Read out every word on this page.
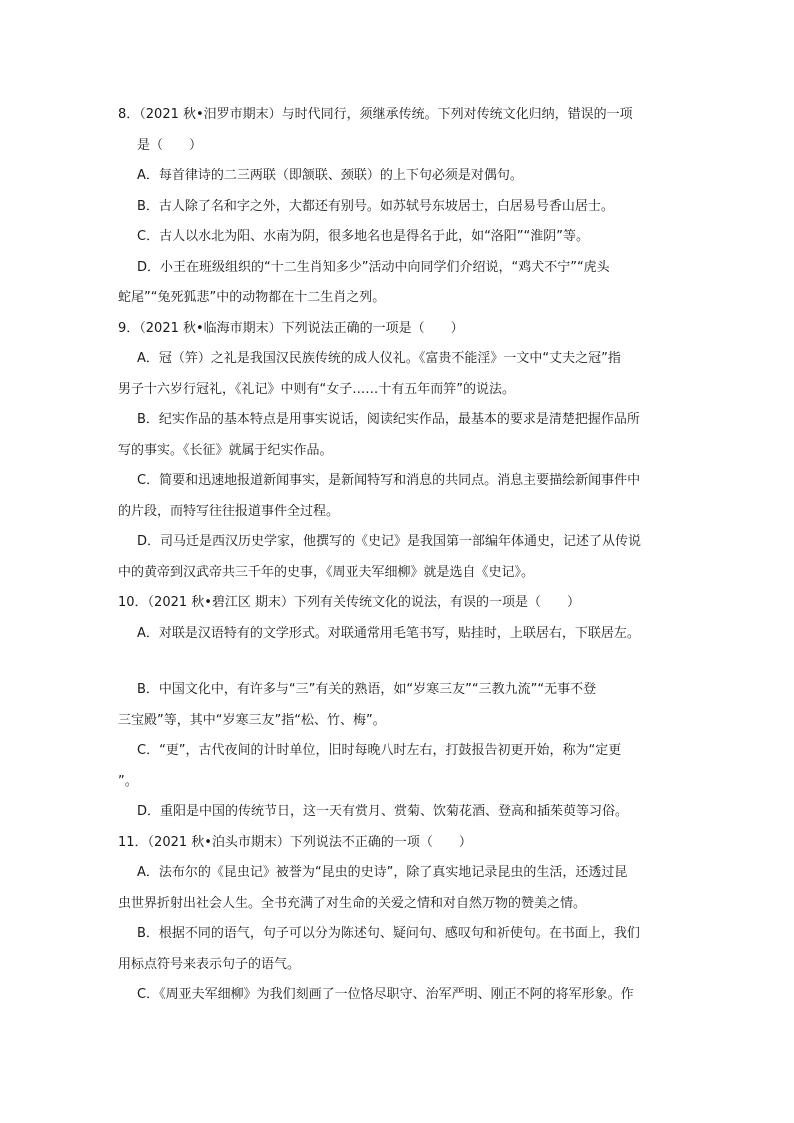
8．（2021 秋•汨罗市期末）与时代同行，须继承传统。下列对传统文化归纳，错误的一项
是（　　）
A．每首律诗的二三两联（即颔联、颈联）的上下句必须是对偶句。
B．古人除了名和字之外，大都还有别号。如苏轼号东坡居士，白居易号香山居士。
C．古人以水北为阳、水南为阴，很多地名也是得名于此，如“洛阳”“淮阴”等。
D．小王在班级组织的“十二生肖知多少”活动中向同学们介绍说，“鸡犬不宁”“虎头
蛇尾”“兔死狐悲”中的动物都在十二生肖之列。
9．（2021 秋•临海市期末）下列说法正确的一项是（　　）
A．冠（笄）之礼是我国汉民族传统的成人仪礼。《富贵不能淫》一文中“丈夫之冠”指
男子十六岁行冠礼，《礼记》中则有“女子……十有五年而笄”的说法。
B．纪实作品的基本特点是用事实说话，阅读纪实作品，最基本的要求是清楚把握作品所
写的事实。《长征》就属于纪实作品。
C．简要和迅速地报道新闻事实，是新闻特写和消息的共同点。消息主要描绘新闻事件中
的片段，而特写往往报道事件全过程。
D．司马迁是西汉历史学家，他撰写的《史记》是我国第一部编年体通史，记述了从传说
中的黄帝到汉武帝共三千年的史事，《周亚夫军细柳》就是选自《史记》。
10．（2021 秋•碧江区 期末）下列有关传统文化的说法，有误的一项是（　　）
A．对联是汉语特有的文学形式。对联通常用毛笔书写，贴挂时，上联居右，下联居左。
B．中国文化中，有许多与“三”有关的熟语，如“岁寒三友”“三教九流”“无事不登
三宝殿”等，其中“岁寒三友”指“松、竹、梅”。
C．“更”，古代夜间的计时单位，旧时每晚八时左右，打鼓报告初更开始，称为“定更
”。
D．重阳是中国的传统节日，这一天有赏月、赏菊、饮菊花酒、登高和插茱萸等习俗。
11．（2021 秋•泊头市期末）下列说法不正确的一项（　　）
A．法布尔的《昆虫记》被誉为“昆虫的史诗”，除了真实地记录昆虫的生活，还透过昆
虫世界折射出社会人生。全书充满了对生命的关爱之情和对自然万物的赞美之情。
B．根据不同的语气，句子可以分为陈述句、疑问句、感叹句和祈使句。在书面上，我们
用标点符号来表示句子的语气。
C．《周亚夫军细柳》为我们刻画了一位恪尽职守、治军严明、刚正不阿的将军形象。作
